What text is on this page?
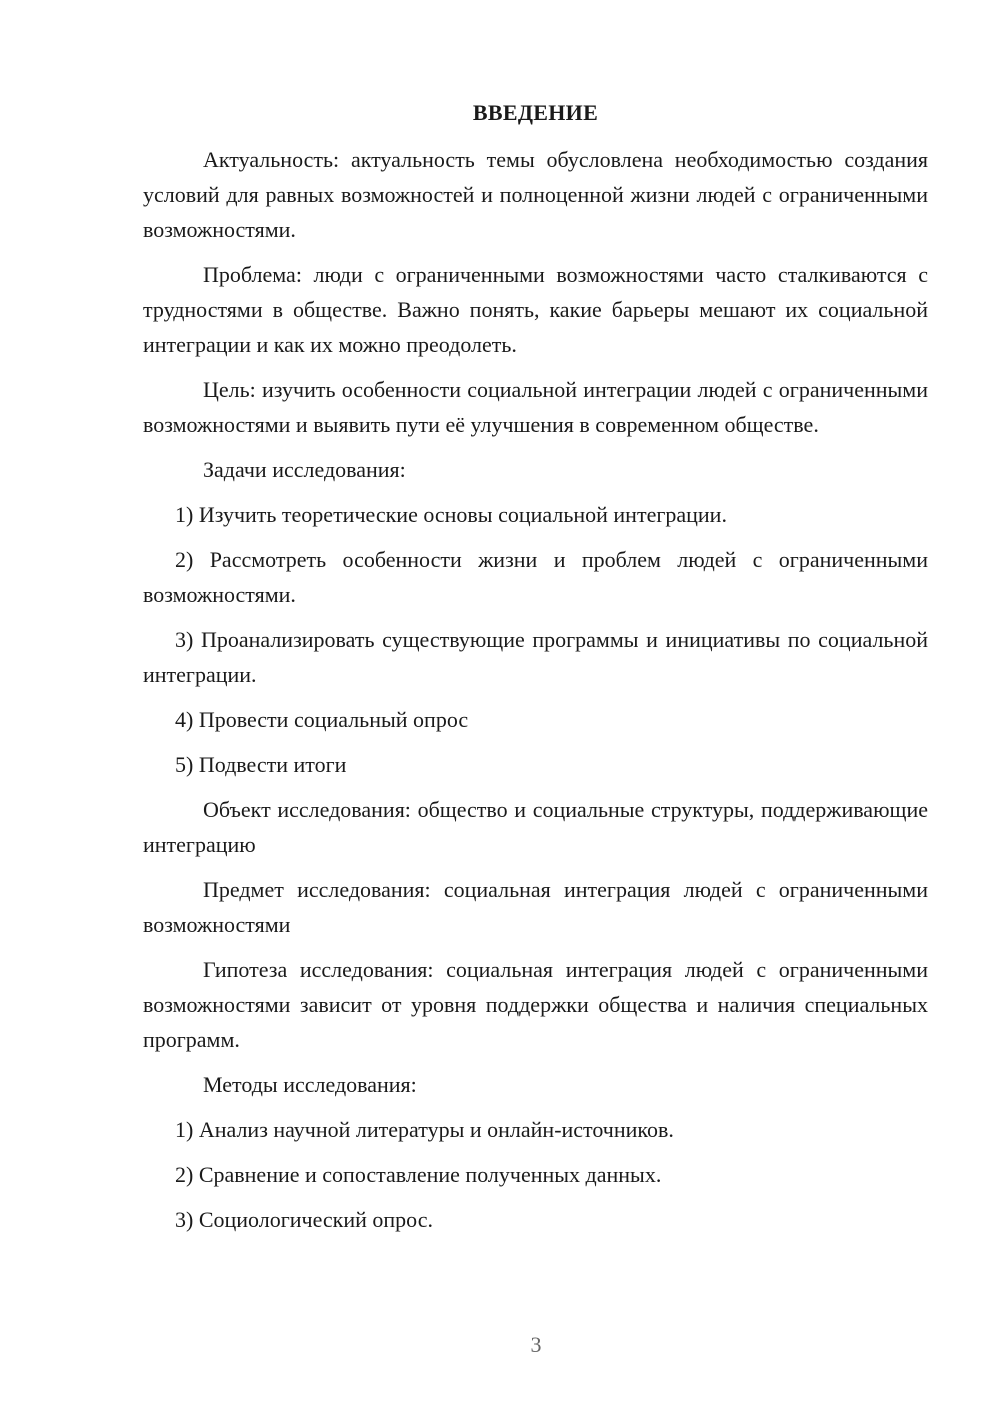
ВВЕДЕНИЕ

Актуальность: актуальность темы обусловлена необходимостью создания условий для равных возможностей и полноценной жизни людей с ограниченными возможностями.

Проблема: люди с ограниченными возможностями часто сталкиваются с трудностями в обществе. Важно понять, какие барьеры мешают их социальной интеграции и как их можно преодолеть.

Цель: изучить особенности социальной интеграции людей с ограниченными возможностями и выявить пути её улучшения в современном обществе.

Задачи исследования:

1) Изучить теоретические основы социальной интеграции.

2) Рассмотреть особенности жизни и проблем людей с ограниченными возможностями.

3) Проанализировать существующие программы и инициативы по социальной интеграции.

4) Провести социальный опрос

5) Подвести итоги

Объект исследования: общество и социальные структуры, поддерживающие интеграцию

Предмет исследования: социальная интеграция людей с ограниченными возможностями

Гипотеза исследования: социальная интеграция людей с ограниченными возможностями зависит от уровня поддержки общества и наличия специальных программ.

Методы исследования:

1) Анализ научной литературы и онлайн-источников.

2) Сравнение и сопоставление полученных данных.

3) Социологический опрос.

3
